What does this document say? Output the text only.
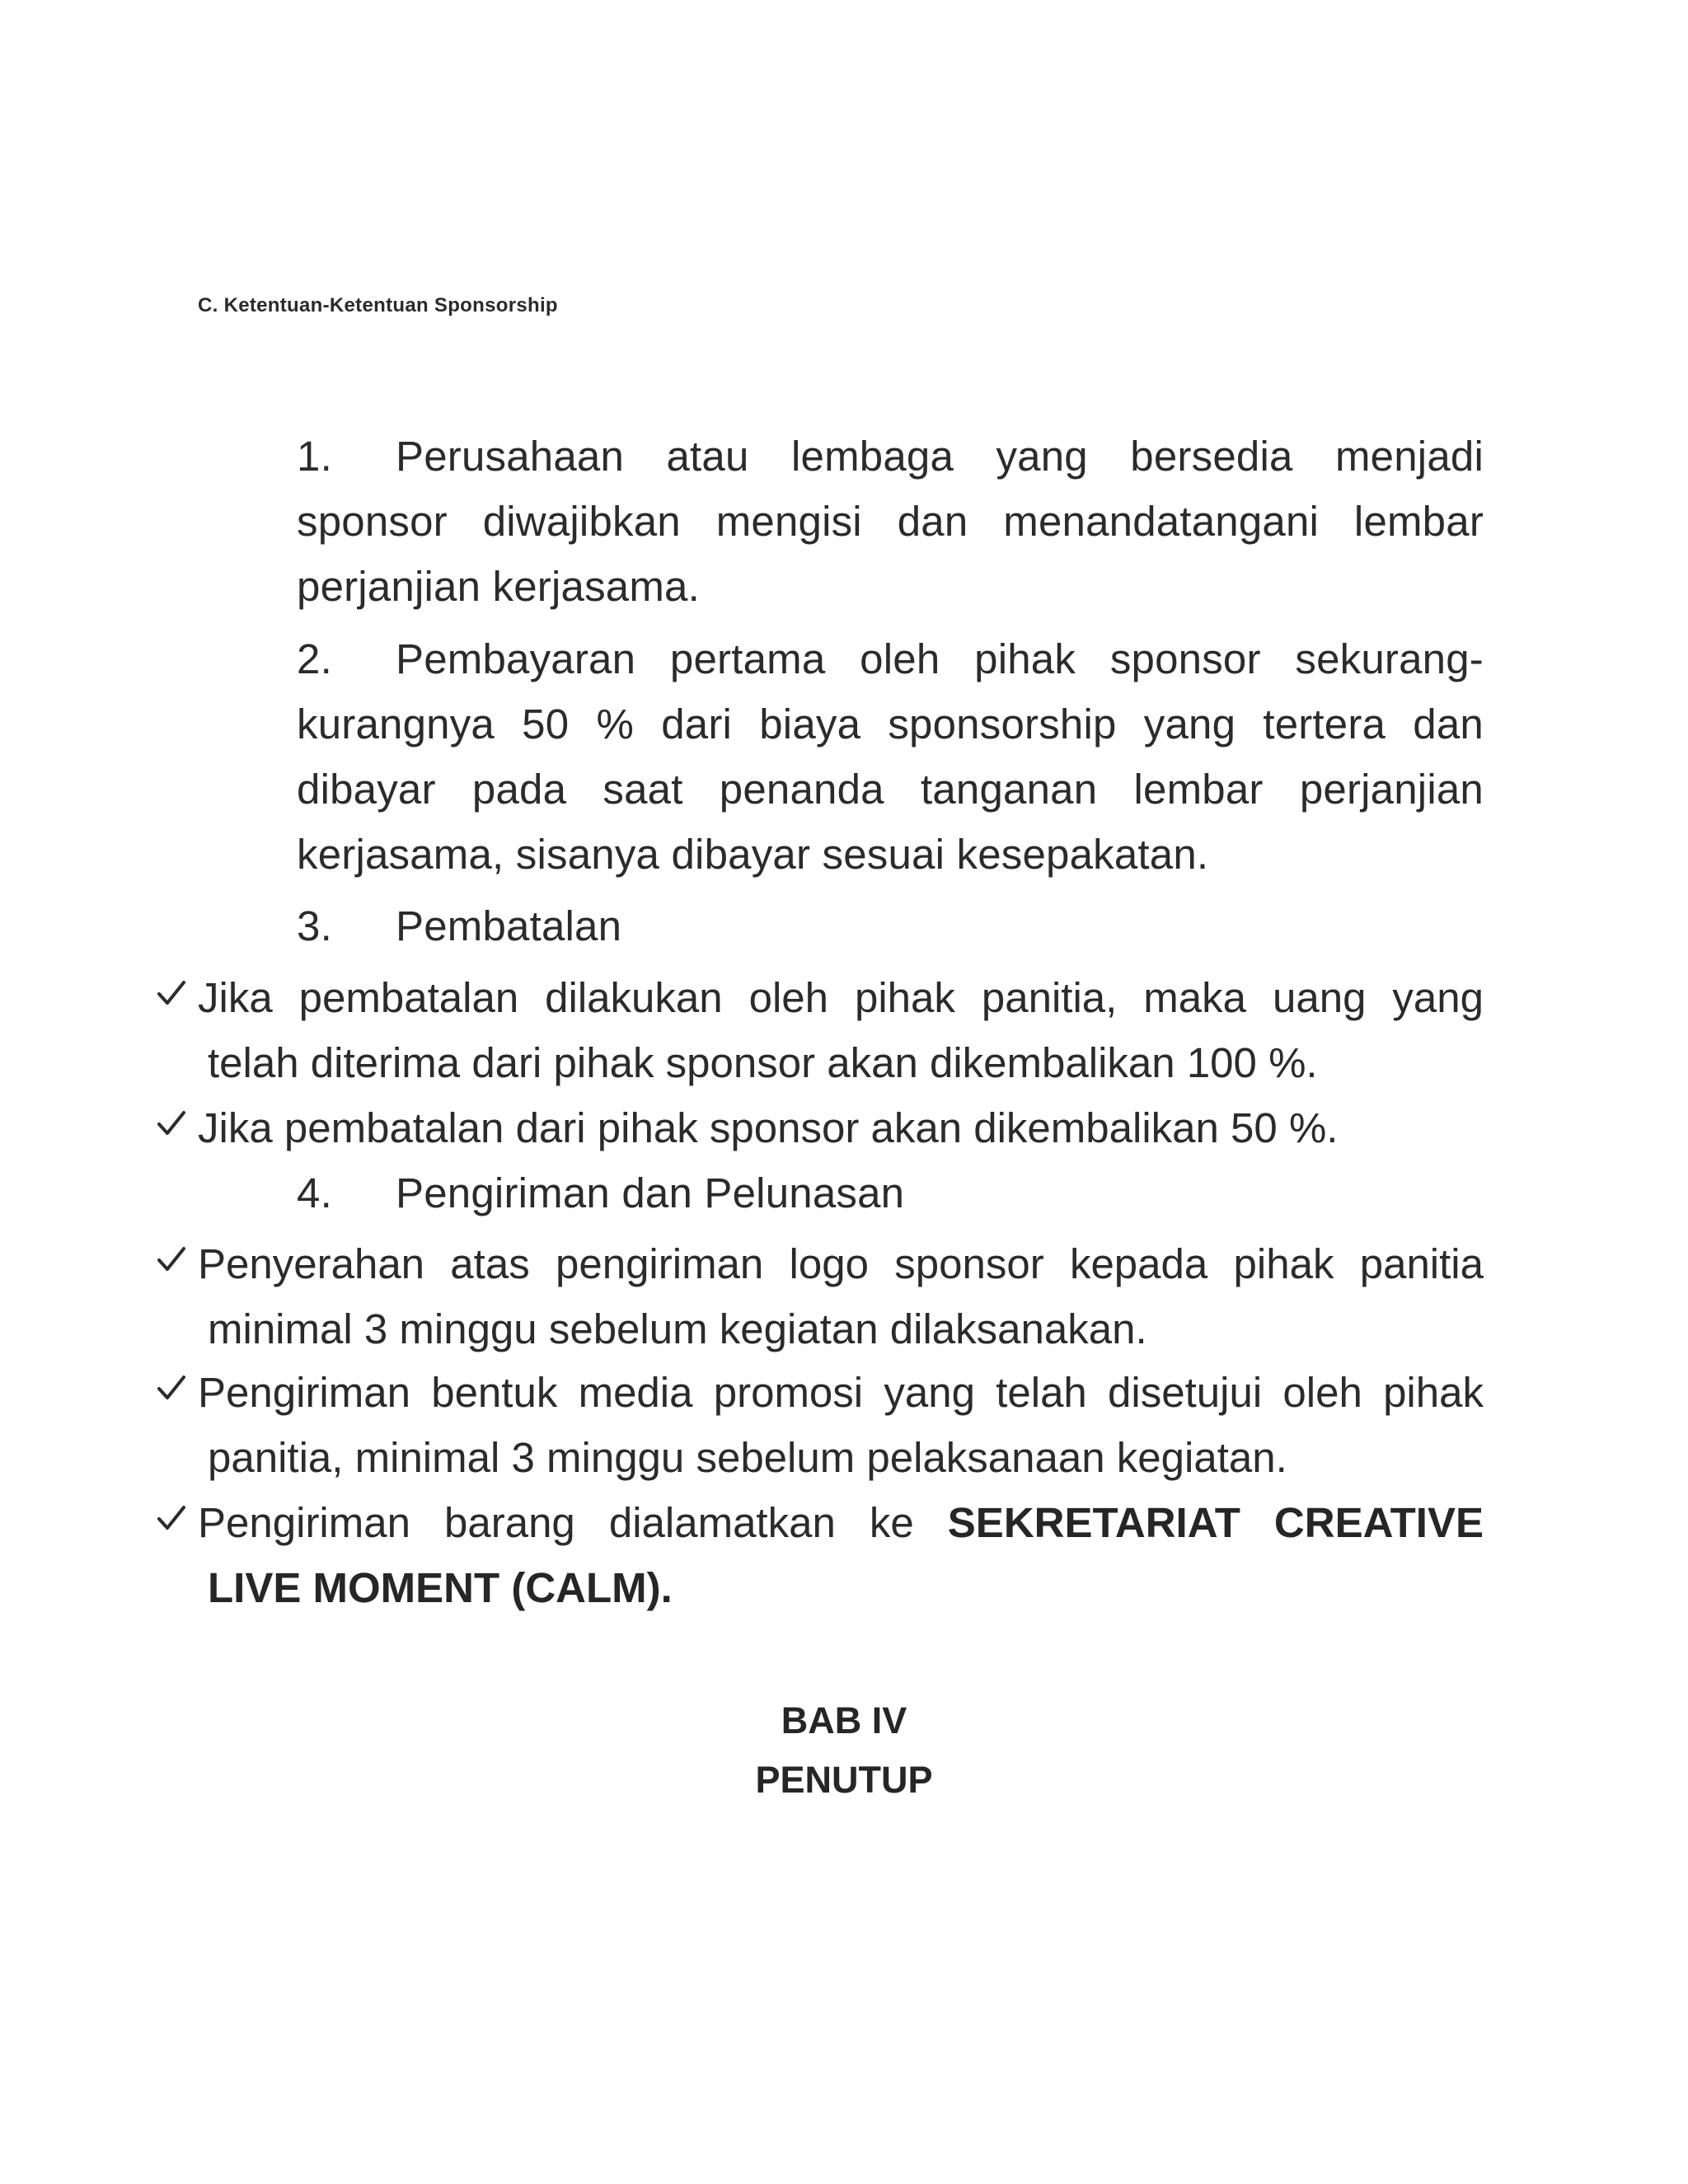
C. Ketentuan-Ketentuan Sponsorship
1. Perusahaan atau lembaga yang bersedia menjadi
sponsor diwajibkan mengisi dan menandatangani lembar
perjanjian kerjasama.
2. Pembayaran pertama oleh pihak sponsor sekurang-
kurangnya 50 % dari biaya sponsorship yang tertera dan
dibayar pada saat penanda tanganan lembar perjanjian
kerjasama, sisanya dibayar sesuai kesepakatan.
3. Pembatalan
Jika pembatalan dilakukan oleh pihak panitia, maka uang yang
telah diterima dari pihak sponsor akan dikembalikan 100 %.
Jika pembatalan dari pihak sponsor akan dikembalikan 50 %.
4. Pengiriman dan Pelunasan
Penyerahan atas pengiriman logo sponsor kepada pihak panitia
minimal 3 minggu sebelum kegiatan dilaksanakan.
Pengiriman bentuk media promosi yang telah disetujui oleh pihak
panitia, minimal 3 minggu sebelum pelaksanaan kegiatan.
Pengiriman barang dialamatkan ke SEKRETARIAT CREATIVE
LIVE MOMENT (CALM).
BAB IV
PENUTUP
